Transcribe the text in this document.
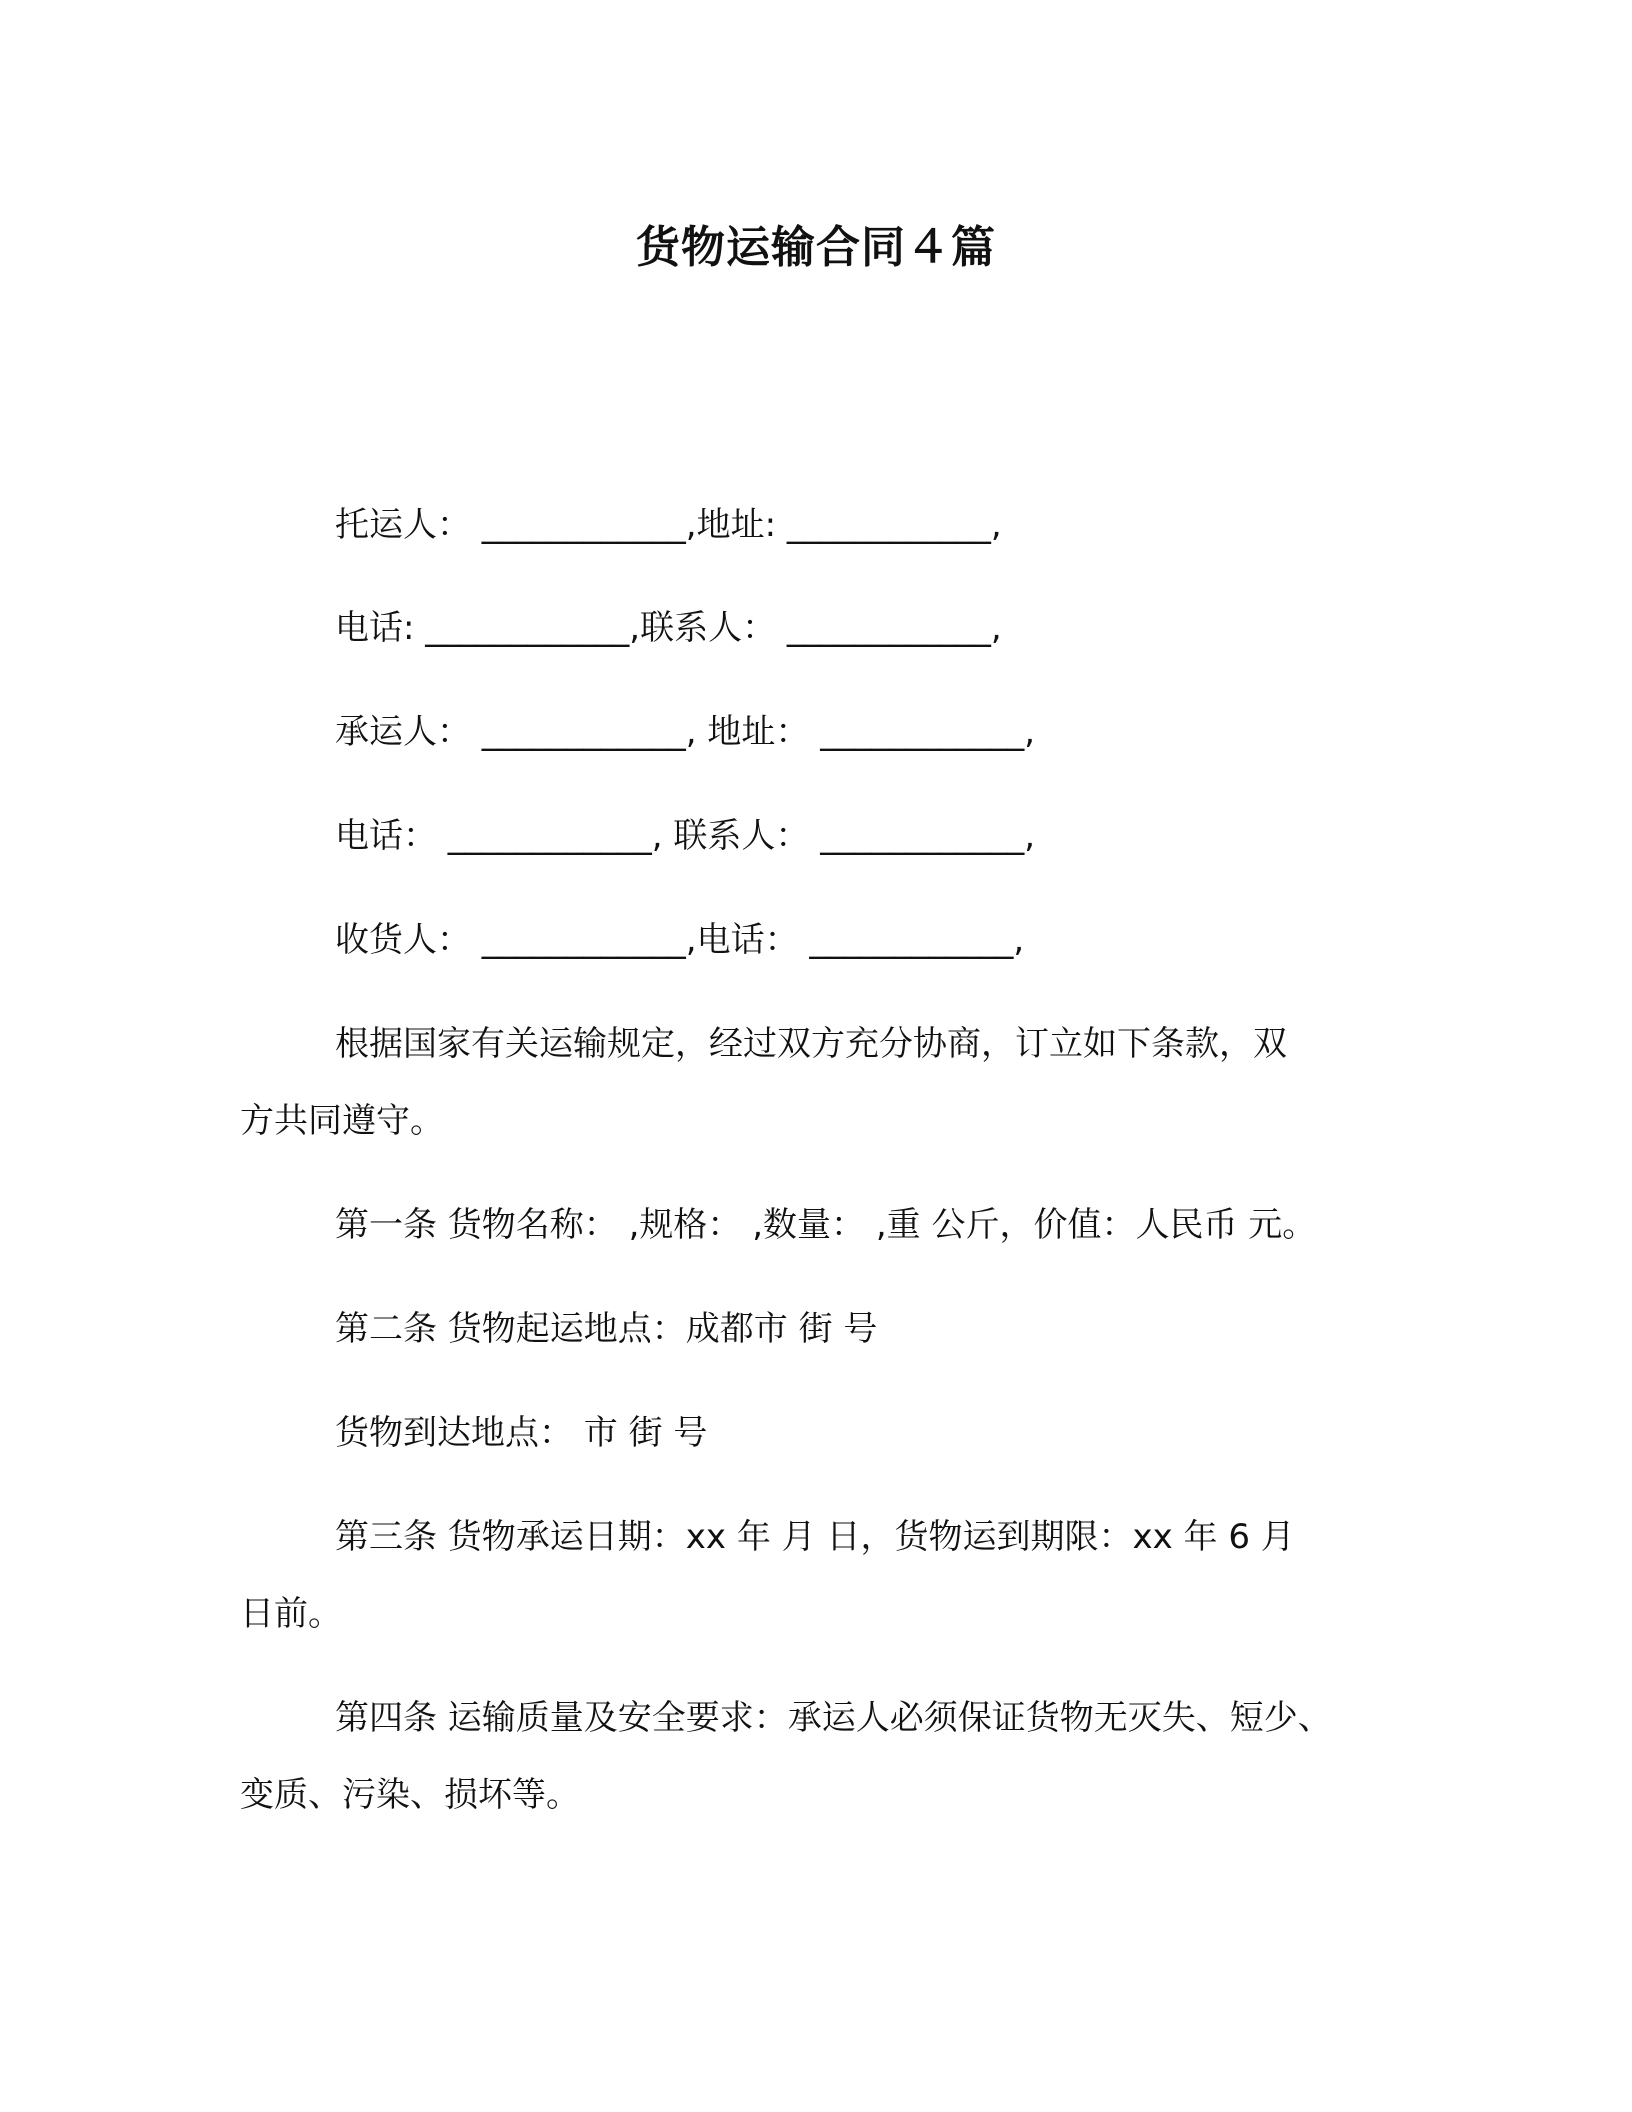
货物运输合同４篇
托运人： ____________,地址: ____________,
电话: ____________,联系人： ____________,
承运人： ____________, 地址： ____________,
电话： ____________, 联系人： ____________,
收货人： ____________,电话： ____________,
根据国家有关运输规定，经过双方充分协商，订立如下条款，双
方共同遵守。
第一条 货物名称： ,规格： ,数量： ,重 公斤，价值：人民币 元。
第二条 货物起运地点：成都市 街 号
货物到达地点： 市 街 号
第三条 货物承运日期：xx 年 月 日，货物运到期限：xx 年 6 月
日前。
第四条 运输质量及安全要求：承运人必须保证货物无灭失、短少、
变质、污染、损坏等。
